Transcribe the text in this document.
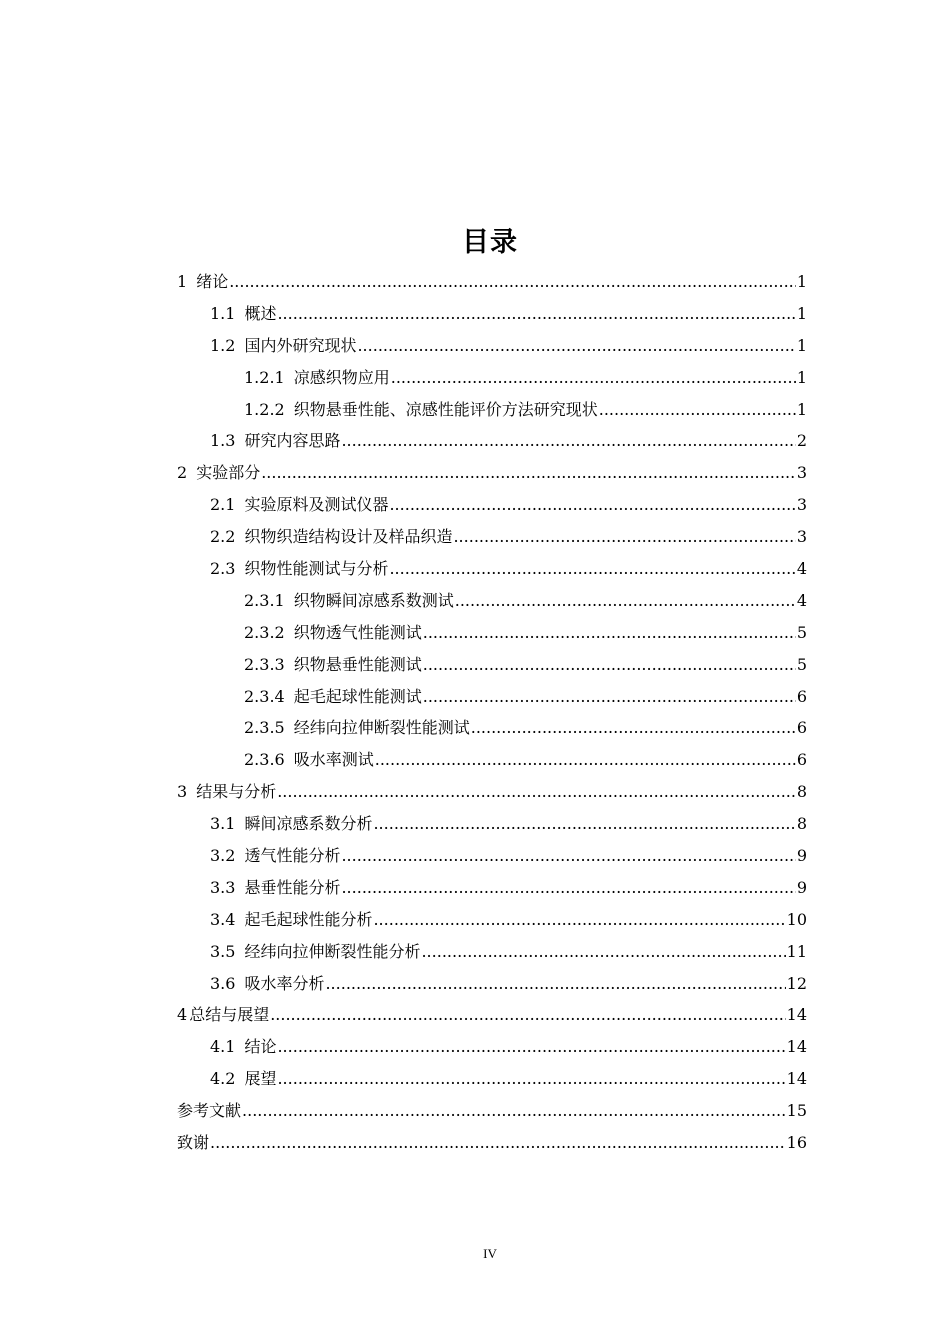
目录
1 绪论 .....	1
1.1 概述 .....	1
1.2 国内外研究现状 .....	1
1.2.1 凉感织物应用 .....	1
1.2.2 织物悬垂性能、凉感性能评价方法研究现状 .....	1
1.3 研究内容思路 .....	2
2 实验部分 .....	3
2.1 实验原料及测试仪器 .....	3
2.2 织物织造结构设计及样品织造 .....	3
2.3 织物性能测试与分析 .....	4
2.3.1 织物瞬间凉感系数测试 .....	4
2.3.2 织物透气性能测试 .....	5
2.3.3 织物悬垂性能测试 .....	5
2.3.4 起毛起球性能测试 .....	6
2.3.5 经纬向拉伸断裂性能测试 .....	6
2.3.6 吸水率测试 .....	6
3 结果与分析 .....	8
3.1 瞬间凉感系数分析 .....	8
3.2 透气性能分析 .....	9
3.3 悬垂性能分析 .....	9
3.4 起毛起球性能分析 .....	10
3.5 经纬向拉伸断裂性能分析 .....	11
3.6 吸水率分析 .....	12
4 总结与展望 .....	14
4.1 结论 .....	14
4.2 展望 .....	14
参考文献 .....	15
致谢 .....	16
IV
